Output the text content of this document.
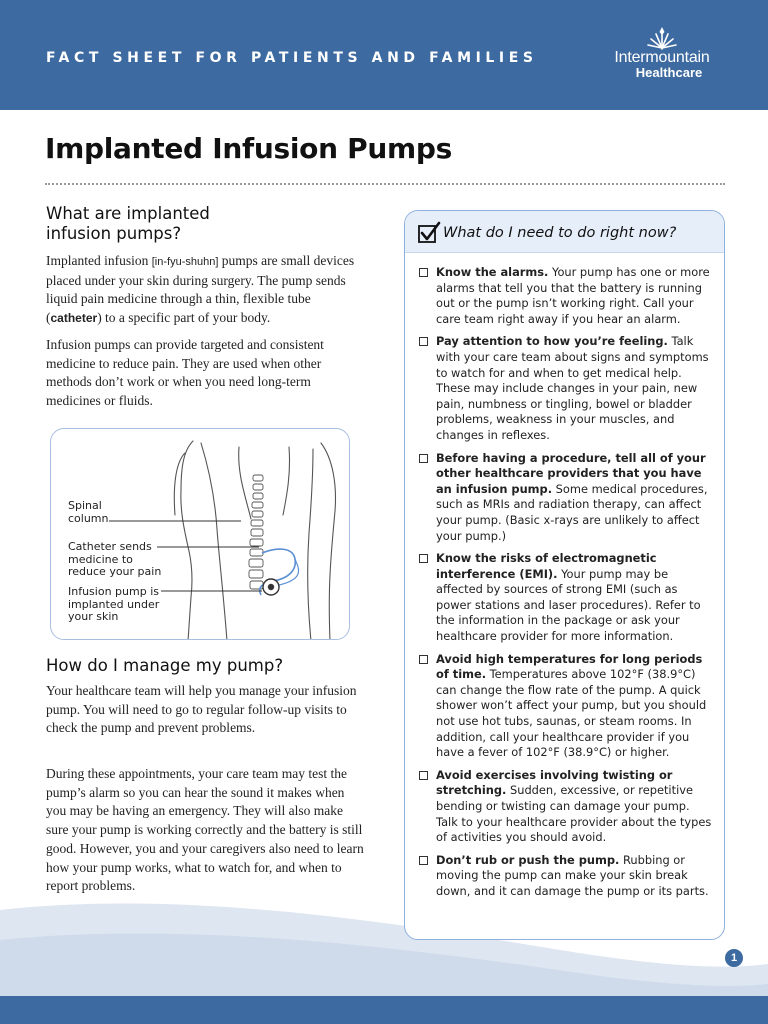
FACT SHEET FOR PATIENTS AND FAMILIES	Intermountain
Healthcare
Implanted Infusion Pumps
What are implanted
infusion pumps?

Implanted infusion [in-fyu-shuhn] pumps are small devices placed under your skin during surgery. The pump sends liquid pain medicine through a thin, flexible tube (catheter) to a specific part of your body.

Infusion pumps can provide targeted and consistent medicine to reduce pain. They are used when other methods don’t work or when you need long-term medicines or fluids.

Spinal
column
Catheter sends
medicine to
reduce your pain
Infusion pump is
implanted under
your skin
How do I manage my pump?

Your healthcare team will help you manage your infusion pump. You will need to go to regular follow-up visits to check the pump and prevent problems.

During these appointments, your care team may test the pump’s alarm so you can hear the sound it makes when you may be having an emergency. They will also make sure your pump is working correctly and the battery is still good. However, you and your caregivers also need to learn how your pump works, what to watch for, and when to report problems.

1
What do I need to do right now?
Know the alarms. Your pump has one or more alarms that tell you that the battery is running out or the pump isn’t working right. Call your care team right away if you hear an alarm.
Pay attention to how you’re feeling. Talk with your care team about signs and symptoms to watch for and when to get medical help. These may include changes in your pain, new pain, numbness or tingling, bowel or bladder problems, weakness in your muscles, and changes in reflexes.
Before having a procedure, tell all of your other healthcare providers that you have an infusion pump. Some medical procedures, such as MRIs and radiation therapy, can affect your pump. (Basic x-rays are unlikely to affect your pump.)
Know the risks of electromagnetic interference (EMI). Your pump may be affected by sources of strong EMI (such as power stations and laser procedures). Refer to the information in the package or ask your healthcare provider for more information.
Avoid high temperatures for long periods of time. Temperatures above 102°F (38.9°C) can change the flow rate of the pump. A quick shower won’t affect your pump, but you should not use hot tubs, saunas, or steam rooms. In addition, call your healthcare provider if you have a fever of 102°F (38.9°C) or higher.
Avoid exercises involving twisting or stretching. Sudden, excessive, or repetitive bending or twisting can damage your pump. Talk to your healthcare provider about the types of activities you should avoid.
Don’t rub or push the pump. Rubbing or moving the pump can make your skin break down, and it can damage the pump or its parts.
